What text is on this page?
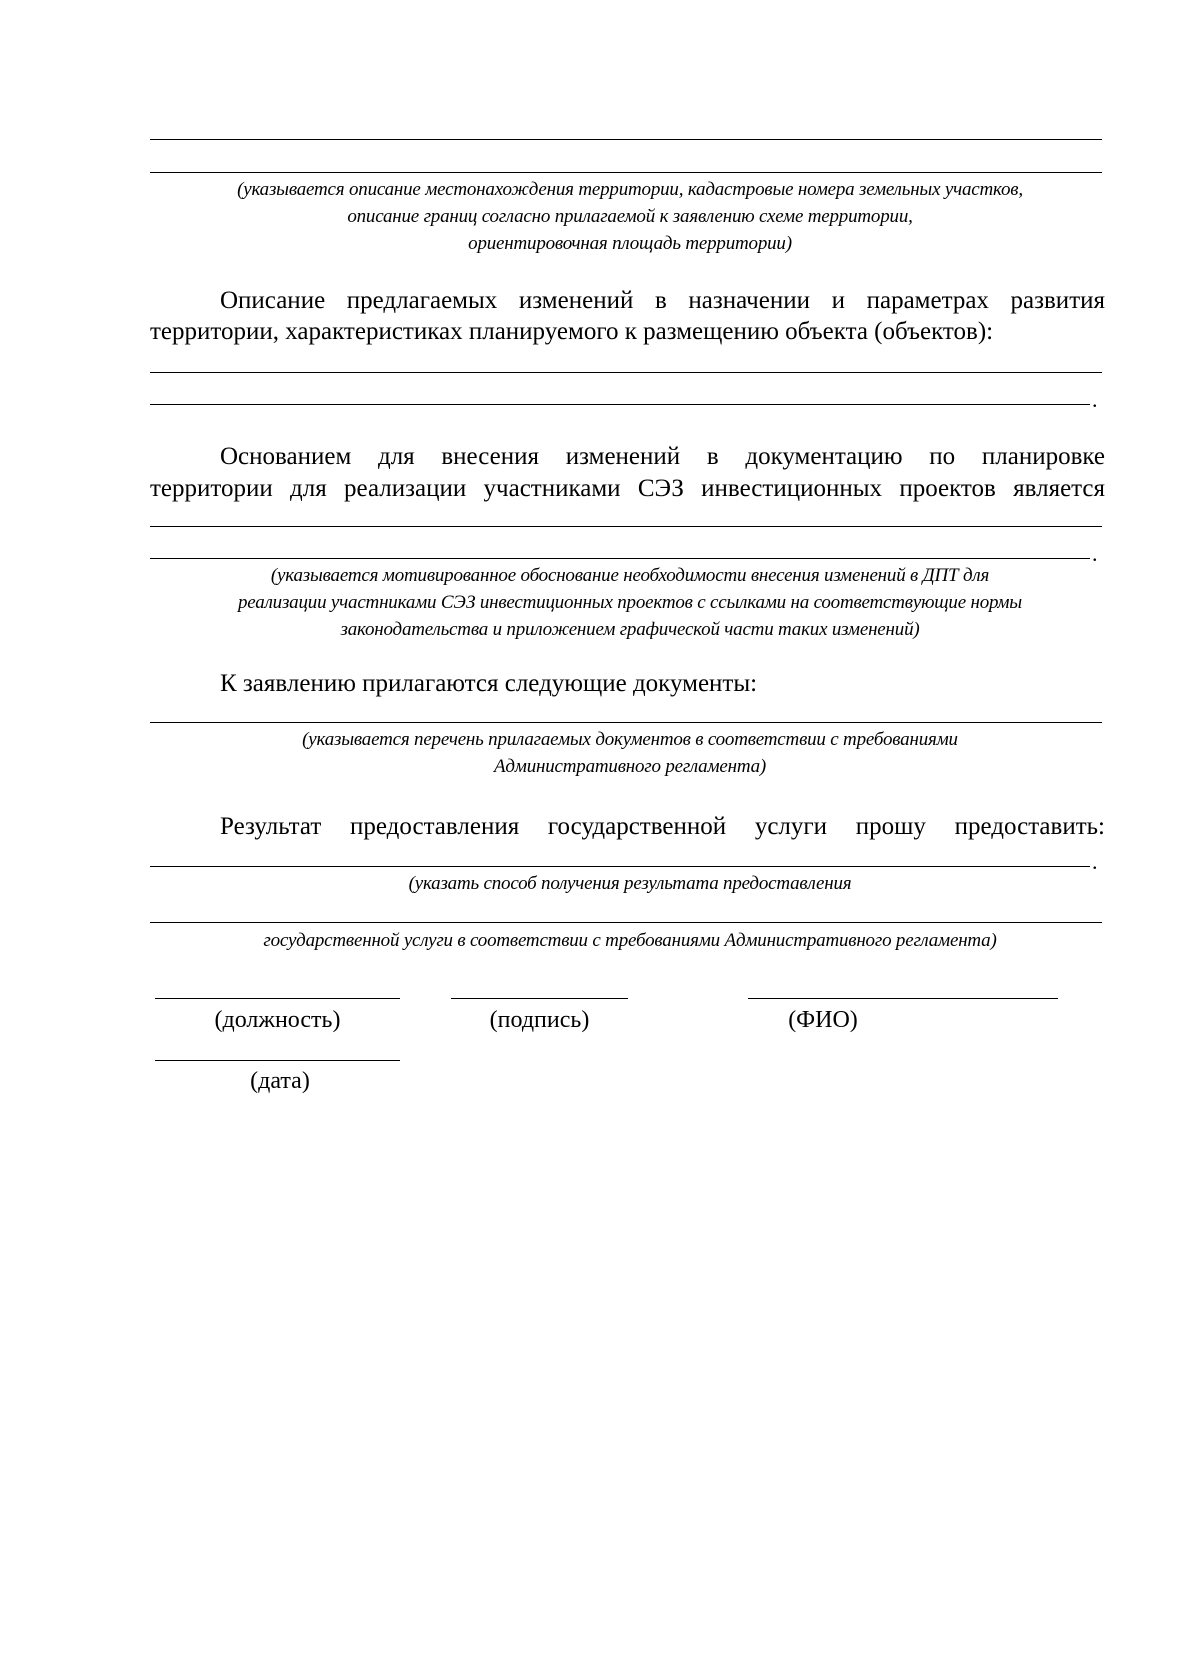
(указывается описание местонахождения территории, кадастровые номера земельных участков,
описание границ согласно прилагаемой к заявлению схеме территории,
ориентировочная площадь территории)
Описание предлагаемых изменений в назначении и параметрах развития
территории, характеристиках планируемого к размещению объекта (объектов):
.
Основанием для внесения изменений в документацию по планировке
территории для реализации участниками СЭЗ инвестиционных проектов является
.
(указывается мотивированное обоснование необходимости внесения изменений в ДПТ для
реализации участниками СЭЗ инвестиционных проектов с ссылками на соответствующие нормы
законодательства и приложением графической части таких изменений)
К заявлению прилагаются следующие документы:
(указывается перечень прилагаемых документов в соответствии с требованиями
Административного регламента)
Результат предоставления государственной услуги прошу предоставить:
.
(указать способ получения результата предоставления
государственной услуги в соответствии с требованиями Административного регламента)
(должность)	(подпись)	(ФИО)
(дата)
